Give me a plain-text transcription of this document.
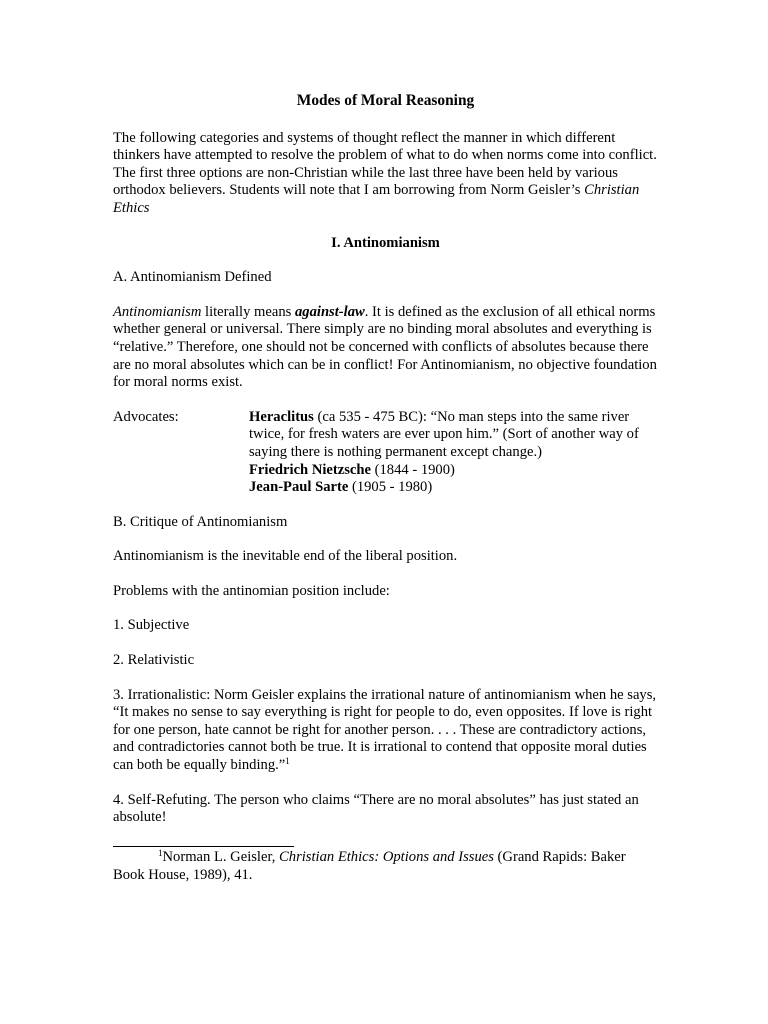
Modes of Moral Reasoning

The following categories and systems of thought reflect the manner in which different thinkers have attempted to resolve the problem of what to do when norms come into conflict. The first three options are non-Christian while the last three have been held by various orthodox believers. Students will note that I am borrowing from Norm Geisler’s Christian Ethics

I. Antinomianism

A. Antinomianism Defined

Antinomianism literally means against-law. It is defined as the exclusion of all ethical norms whether general or universal. There simply are no binding moral absolutes and everything is “relative.” Therefore, one should not be concerned with conflicts of absolutes because there are no moral absolutes which can be in conflict! For Antinomianism, no objective foundation for moral norms exist.

Advocates:	Heraclitus (ca 535 - 475 BC): “No man steps into the same river twice, for fresh waters are ever upon him.” (Sort of another way of saying there is nothing permanent except change.)
Friedrich Nietzsche (1844 - 1900)
Jean-Paul Sarte (1905 - 1980)

B. Critique of Antinomianism

Antinomianism is the inevitable end of the liberal position.

Problems with the antinomian position include:

1. Subjective

2. Relativistic

3. Irrationalistic: Norm Geisler explains the irrational nature of antinomianism when he says, “It makes no sense to say everything is right for people to do, even opposites. If love is right for one person, hate cannot be right for another person. . . . These are contradictory actions, and contradictories cannot both be true. It is irrational to contend that opposite moral duties can both be equally binding.”$^1$

4. Self-Refuting. The person who claims “There are no moral absolutes” has just stated an absolute!

$^1$Norman L. Geisler, Christian Ethics: Options and Issues (Grand Rapids: Baker Book House, 1989), 41.
